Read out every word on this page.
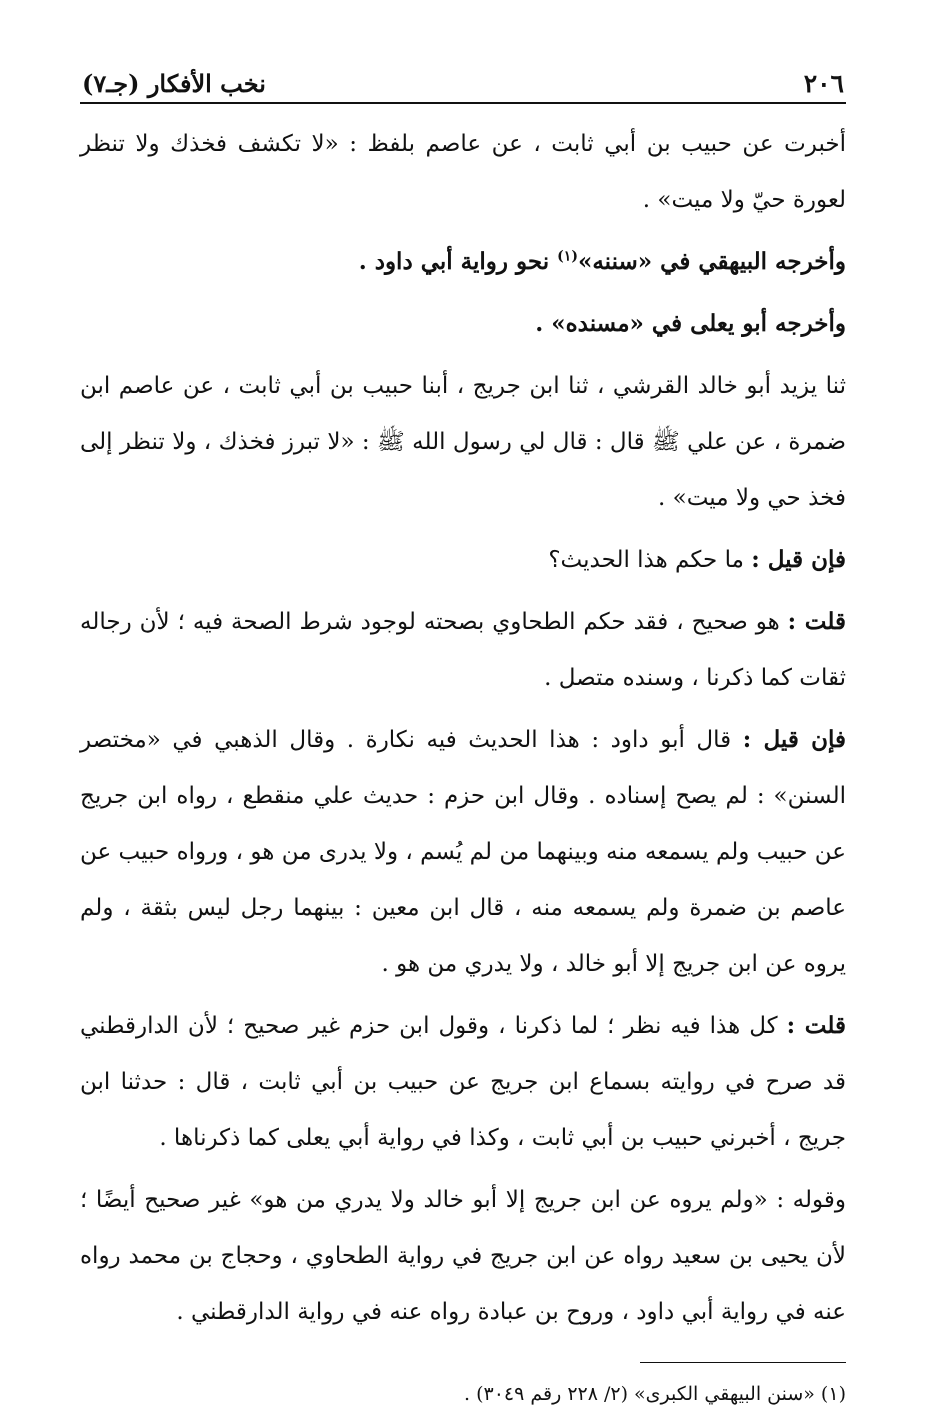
٢٠٦
نخب الأفكار (جـ٧)

أخبرت عن حبيب بن أبي ثابت ، عن عاصم بلفظ : «لا تكشف فخذك ولا تنظر لعورة حيّ ولا ميت» .

وأخرجه البيهقي في «سننه»$^{(١)}$ نحو رواية أبي داود .

وأخرجه أبو يعلى في «مسنده» .

ثنا يزيد أبو خالد القرشي ، ثنا ابن جريج ، أبنا حبيب بن أبي ثابت ، عن عاصم ابن ضمرة ، عن علي ﷺ قال : قال لي رسول الله ﷺ : «لا تبرز فخذك ، ولا تنظر إلى فخذ حي ولا ميت» .

فإن قيل : ما حكم هذا الحديث؟

قلت : هو صحيح ، فقد حكم الطحاوي بصحته لوجود شرط الصحة فيه ؛ لأن رجاله ثقات كما ذكرنا ، وسنده متصل .

فإن قيل : قال أبو داود : هذا الحديث فيه نكارة . وقال الذهبي في «مختصر السنن» : لم يصح إسناده . وقال ابن حزم : حديث علي منقطع ، رواه ابن جريج عن حبيب ولم يسمعه منه وبينهما من لم يُسم ، ولا يدرى من هو ، ورواه حبيب عن عاصم بن ضمرة ولم يسمعه منه ، قال ابن معين : بينهما رجل ليس بثقة ، ولم يروه عن ابن جريج إلا أبو خالد ، ولا يدري من هو .

قلت : كل هذا فيه نظر ؛ لما ذكرنا ، وقول ابن حزم غير صحيح ؛ لأن الدارقطني قد صرح في روايته بسماع ابن جريج عن حبيب بن أبي ثابت ، قال : حدثنا ابن جريج ، أخبرني حبيب بن أبي ثابت ، وكذا في رواية أبي يعلى كما ذكرناها .

وقوله : «ولم يروه عن ابن جريج إلا أبو خالد ولا يدري من هو» غير صحيح أيضًا ؛ لأن يحيى بن سعيد رواه عن ابن جريج في رواية الطحاوي ، وحجاج بن محمد رواه عنه في رواية أبي داود ، وروح بن عبادة رواه عنه في رواية الدارقطني .

(١) «سنن البيهقي الكبرى» (٢/ ٢٢٨ رقم ٣٠٤٩) .
